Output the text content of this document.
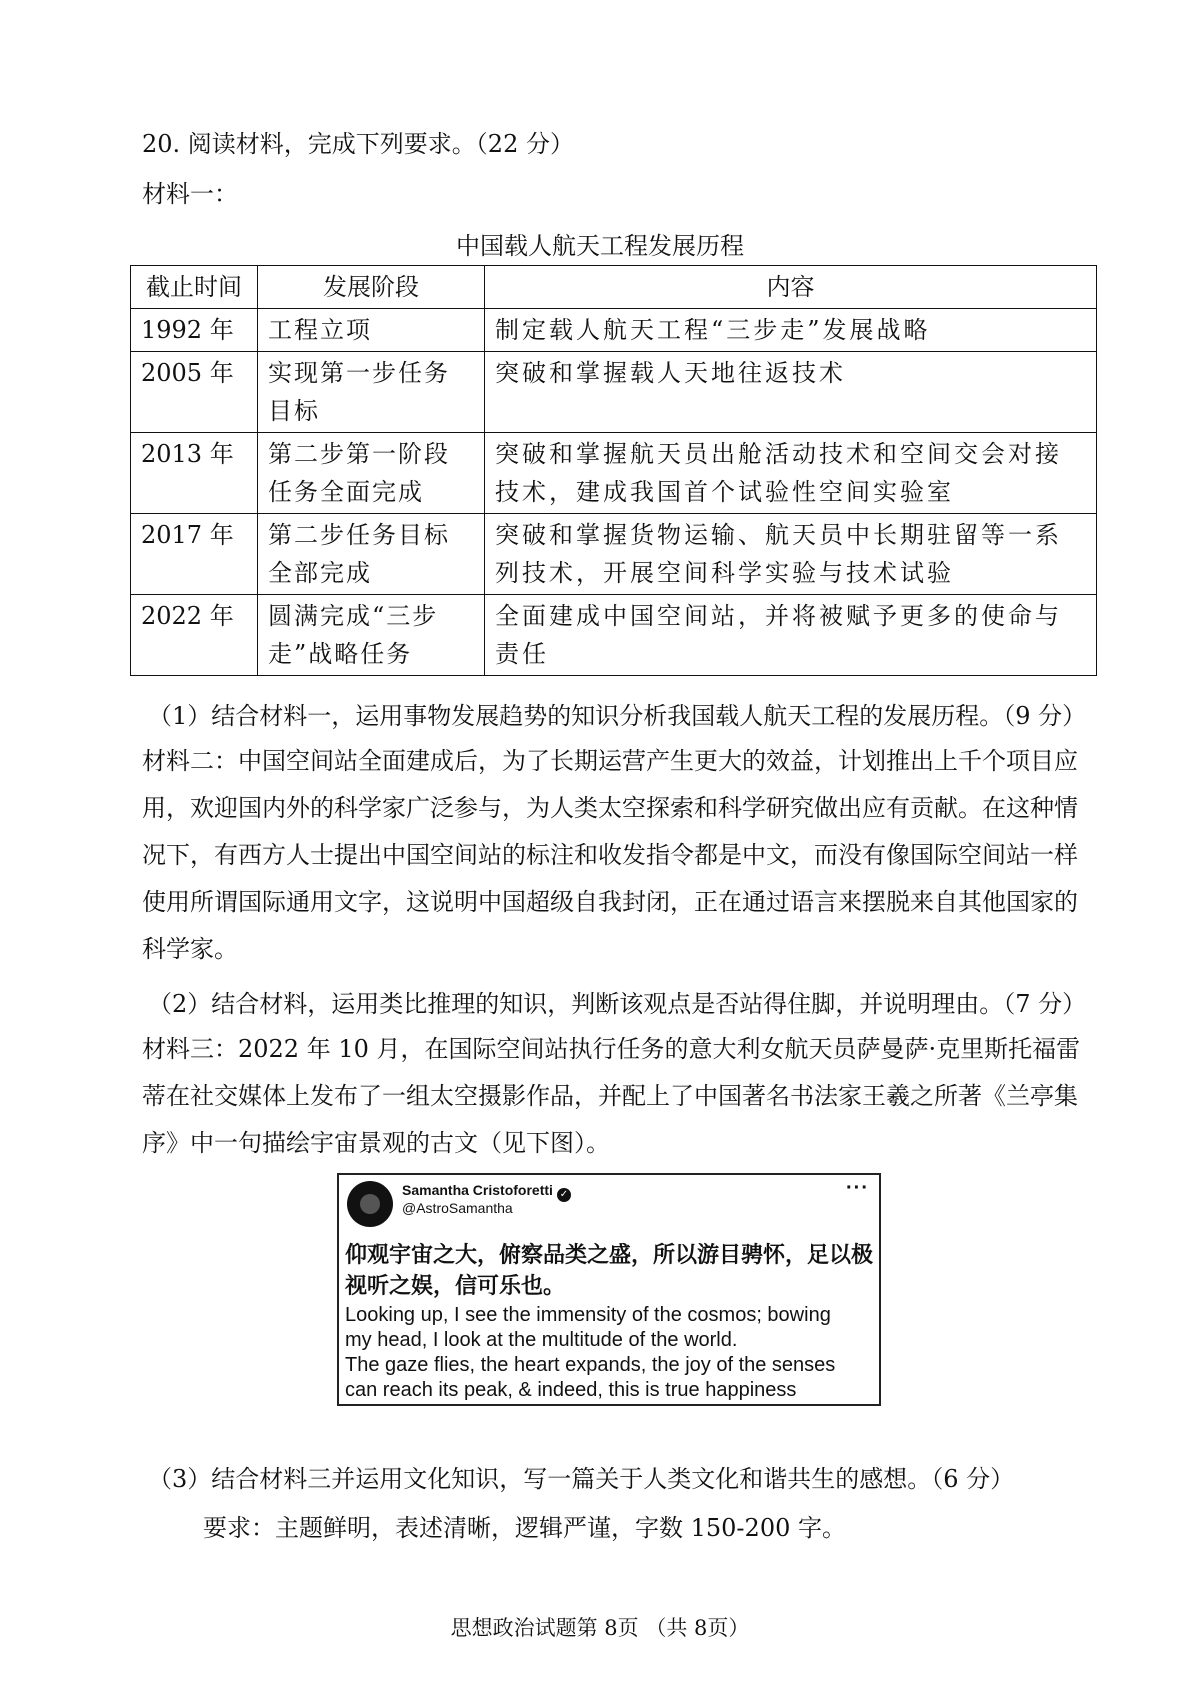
20. 阅读材料，完成下列要求。（22 分）
材料一：
中国载人航天工程发展历程
截止时间	发展阶段	内容
1992 年	工程立项	制定载人航天工程“三步走”发展战略
2005 年	实现第一步任务目标	突破和掌握载人天地往返技术
2013 年	第二步第一阶段任务全面完成	突破和掌握航天员出舱活动技术和空间交会对接技术，建成我国首个试验性空间实验室
2017 年	第二步任务目标全部完成	突破和掌握货物运输、航天员中长期驻留等一系列技术，开展空间科学实验与技术试验
2022 年	圆满完成“三步走”战略任务	全面建成中国空间站，并将被赋予更多的使命与责任
（1）结合材料一，运用事物发展趋势的知识分析我国载人航天工程的发展历程。（9 分）
材料二：中国空间站全面建成后，为了长期运营产生更大的效益，计划推出上千个项目应用，欢迎国内外的科学家广泛参与，为人类太空探索和科学研究做出应有贡献。在这种情况下，有西方人士提出中国空间站的标注和收发指令都是中文，而没有像国际空间站一样使用所谓国际通用文字，这说明中国超级自我封闭，正在通过语言来摆脱来自其他国家的科学家。
（2）结合材料，运用类比推理的知识，判断该观点是否站得住脚，并说明理由。（7 分）
材料三：2022 年 10 月，在国际空间站执行任务的意大利女航天员萨曼萨·克里斯托福雷蒂在社交媒体上发布了一组太空摄影作品，并配上了中国著名书法家王羲之所著《兰亭集序》中一句描绘宇宙景观的古文（见下图）。
Samantha Cristoforetti ✓
@AstroSamantha
···
仰观宇宙之大，俯察品类之盛，所以游目骋怀，足以极视听之娱，信可乐也。
Looking up, I see the immensity of the cosmos; bowing
my head, I look at the multitude of the world.
The gaze flies, the heart expands, the joy of the senses
can reach its peak, & indeed, this is true happiness
（3）结合材料三并运用文化知识，写一篇关于人类文化和谐共生的感想。（6 分）
要求：主题鲜明，表述清晰，逻辑严谨，字数 150-200 字。
思想政治试题第 8页 （共 8页）
